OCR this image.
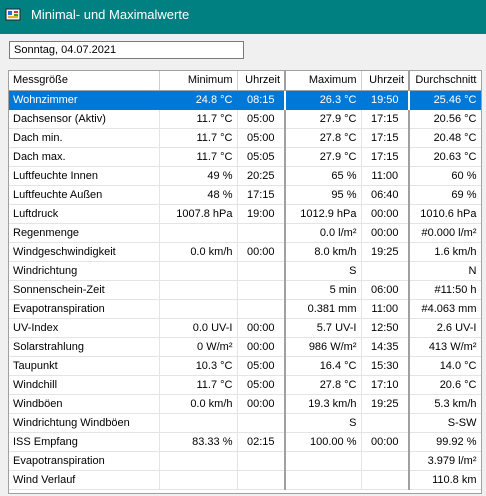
Minimal- und Maximalwerte
Sonntag, 04.07.2021
Messgröße	Minimum	Uhrzeit	Maximum	Uhrzeit	Durchschnitt
Wohnzimmer	24.8 °C	08:15	26.3 °C	19:50	25.46 °C
Dachsensor (Aktiv)	11.7 °C	05:00	27.9 °C	17:15	20.56 °C
Dach min.	11.7 °C	05:00	27.8 °C	17:15	20.48 °C
Dach max.	11.7 °C	05:05	27.9 °C	17:15	20.63 °C
Luftfeuchte Innen	49 %	20:25	65 %	11:00	60 %
Luftfeuchte Außen	48 %	17:15	95 %	06:40	69 %
Luftdruck	1007.8 hPa	19:00	1012.9 hPa	00:00	1010.6 hPa
Regenmenge			0.0 l/m²	00:00	#0.000 l/m²
Windgeschwindigkeit	0.0 km/h	00:00	8.0 km/h	19:25	1.6 km/h
Windrichtung			S		N
Sonnenschein-Zeit			5 min	06:00	#11:50 h
Evapotranspiration			0.381 mm	11:00	#4.063 mm
UV-Index	0.0 UV-I	00:00	5.7 UV-I	12:50	2.6 UV-I
Solarstrahlung	0 W/m²	00:00	986 W/m²	14:35	413 W/m²
Taupunkt	10.3 °C	05:00	16.4 °C	15:30	14.0 °C
Windchill	11.7 °C	05:00	27.8 °C	17:10	20.6 °C
Windböen	0.0 km/h	00:00	19.3 km/h	19:25	5.3 km/h
Windrichtung Windböen			S		S-SW
ISS Empfang	83.33 %	02:15	100.00 %	00:00	99.92 %
Evapotranspiration					3.979 l/m²
Wind Verlauf					110.8 km
